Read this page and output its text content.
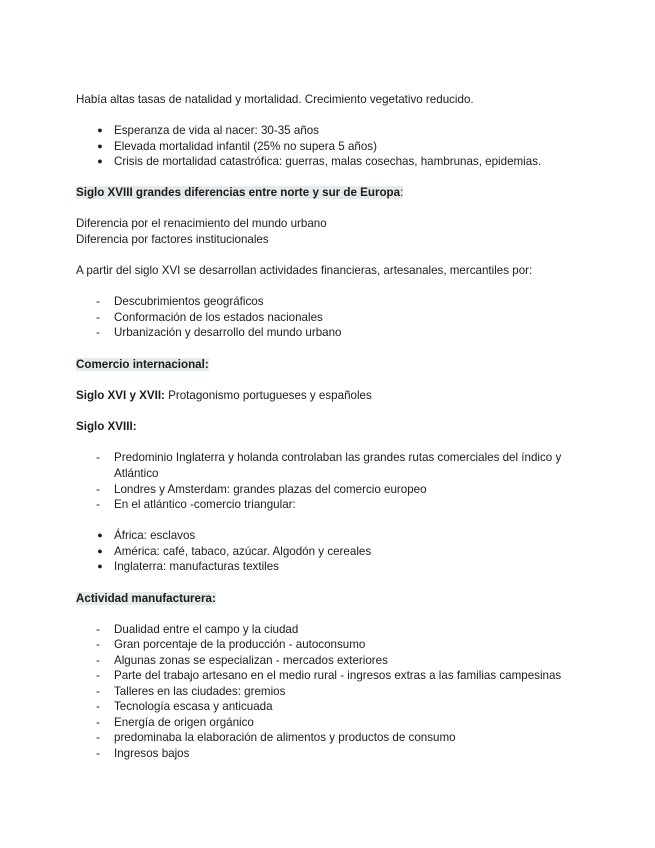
Había altas tasas de natalidad y mortalidad. Crecimiento vegetativo reducido.
● Esperanza de vida al nacer: 30-35 años
● Elevada mortalidad infantil (25% no supera 5 años)
● Crisis de mortalidad catastrófica: guerras, malas cosechas, hambrunas, epidemias.
Siglo XVIII grandes diferencias entre norte y sur de Europa:
Diferencia por el renacimiento del mundo urbano
Diferencia por factores institucionales
A partir del siglo XVI se desarrollan actividades financieras, artesanales, mercantiles por:
-	Descubrimientos geográficos
-	Conformación de los estados nacionales
-	Urbanización y desarrollo del mundo urbano
Comercio internacional:
Siglo XVI y XVII: Protagonismo portugueses y españoles
Siglo XVIII:
-	Predominio Inglaterra y holanda controlaban las grandes rutas comerciales del índico y Atlántico
-	Londres y Amsterdam: grandes plazas del comercio europeo
-	En el atlántico -comercio triangular:
● África: esclavos
● América: café, tabaco, azúcar. Algodón y cereales
● Inglaterra: manufacturas textiles
Actividad manufacturera:
-	Dualidad entre el campo y la ciudad
-	Gran porcentaje de la producción - autoconsumo
-	Algunas zonas se especializan - mercados exteriores
-	Parte del trabajo artesano en el medio rural - ingresos extras a las familias campesinas
-	Talleres en las ciudades: gremios
-	Tecnología escasa y anticuada
-	Energía de origen orgánico
-	predominaba la elaboración de alimentos y productos de consumo
-	Ingresos bajos
